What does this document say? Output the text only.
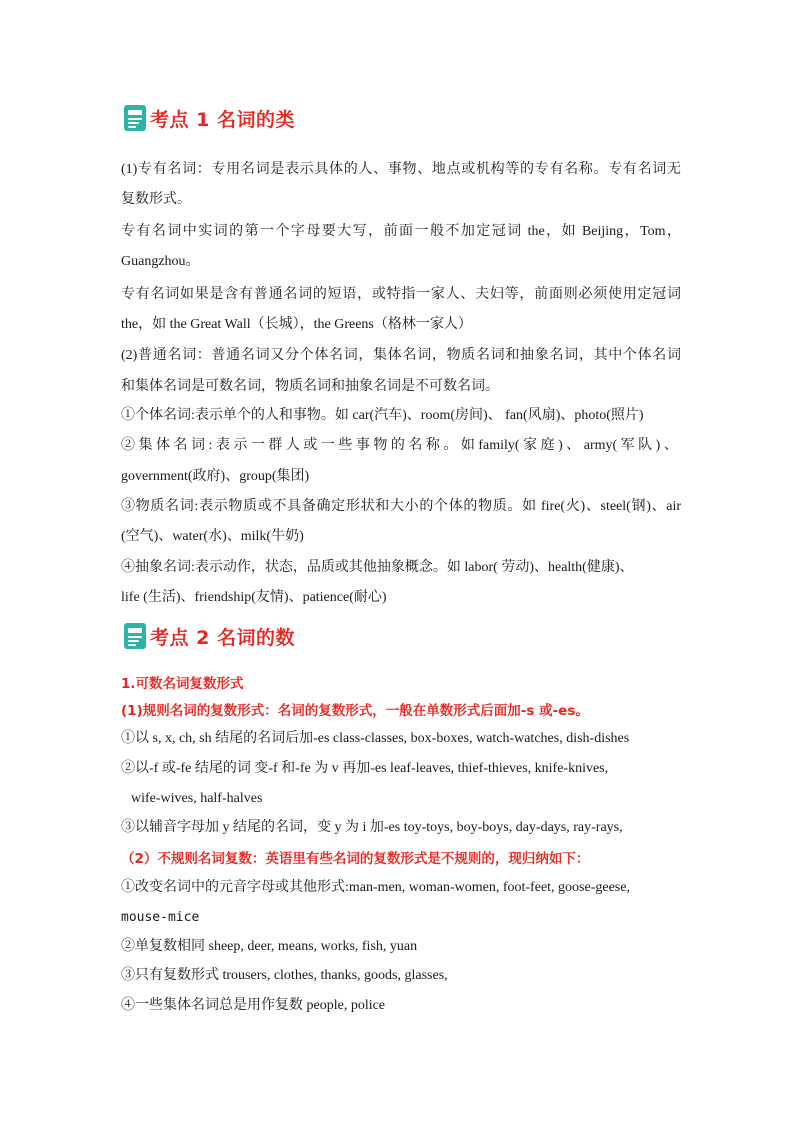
考点 1 名词的类
(1)专有名词：专用名词是表示具体的人、事物、地点或机构等的专有名称。专有名词无
复数形式。
专有名词中实词的第一个字母要大写，前面一般不加定冠词 the，如 Beijing，Tom，
Guangzhou。
专有名词如果是含有普通名词的短语，或特指一家人、夫妇等，前面则必须使用定冠词
the，如 the Great Wall（长城），the Greens（格林一家人）
(2)普通名词：普通名词又分个体名词，集体名词，物质名词和抽象名词，其中个体名词
和集体名词是可数名词，物质名词和抽象名词是不可数名词。
①个体名词:表示单个的人和事物。如 car(汽车)、room(房间)、 fan(风扇)、photo(照片)
② 集 体 名 词 : 表 示 一 群 人 或 一 些 事 物 的 名 称 。 如 family( 家 庭 ) 、 army( 军 队 ) 、
government(政府)、group(集团)
③物质名词:表示物质或不具备确定形状和大小的个体的物质。如 fire(火)、steel(钢)、air
(空气)、water(水)、milk(牛奶)
④抽象名词:表示动作，状态，品质或其他抽象概念。如 labor( 劳动)、health(健康)、
life (生活)、friendship(友情)、patience(耐心)
考点 2 名词的数
1.可数名词复数形式
(1)规则名词的复数形式：名词的复数形式，一般在单数形式后面加-s 或-es。
①以 s, x, ch, sh 结尾的名词后加-es class-classes, box-boxes, watch-watches, dish-dishes
②以-f 或-fe 结尾的词 变-f 和-fe 为 v 再加-es leaf-leaves, thief-thieves, knife-knives,
wife-wives, half-halves
③以辅音字母加 y 结尾的名词，变 y 为 i 加-es toy-toys, boy-boys, day-days, ray-rays,
（2）不规则名词复数：英语里有些名词的复数形式是不规则的，现归纳如下：
①改变名词中的元音字母或其他形式:man-men, woman-women, foot-feet, goose-geese,
mouse-mice
②单复数相同 sheep, deer, means, works, fish, yuan
③只有复数形式 trousers, clothes, thanks, goods, glasses,
④一些集体名词总是用作复数 people, police
